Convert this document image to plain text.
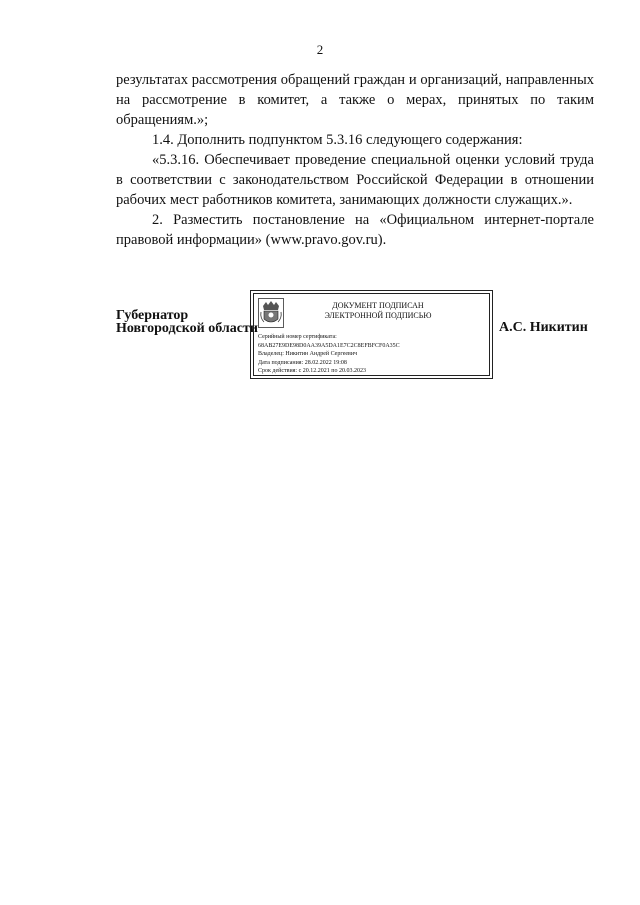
2

результатах рассмотрения обращений граждан и организаций, направленных на рассмотрение в комитет, а также о мерах, принятых по таким обращениям.»;

1.4. Дополнить подпунктом 5.3.16 следующего содержания:

«5.3.16. Обеспечивает проведение специальной оценки условий труда в соответствии с законодательством Российской Федерации в отношении рабочих мест работников комитета, занимающих должности служащих.».

2. Разместить постановление на «Официальном интернет-портале правовой информации» (www.pravo.gov.ru).

Губернатор
Новгородской области
ДОКУМЕНТ ПОДПИСАН
ЭЛЕКТРОННОЙ ПОДПИСЬЮ
Серийный номер сертификата:
68AB27E9DE98D0AA39A5DA1E7C2C8EFBFCF0A35C
Владелец: Никитин Андрей Сергеевич
Дата подписания: 28.02.2022 19:08
Срок действия: с 20.12.2021 по 20.03.2023
А.С. Никитин
